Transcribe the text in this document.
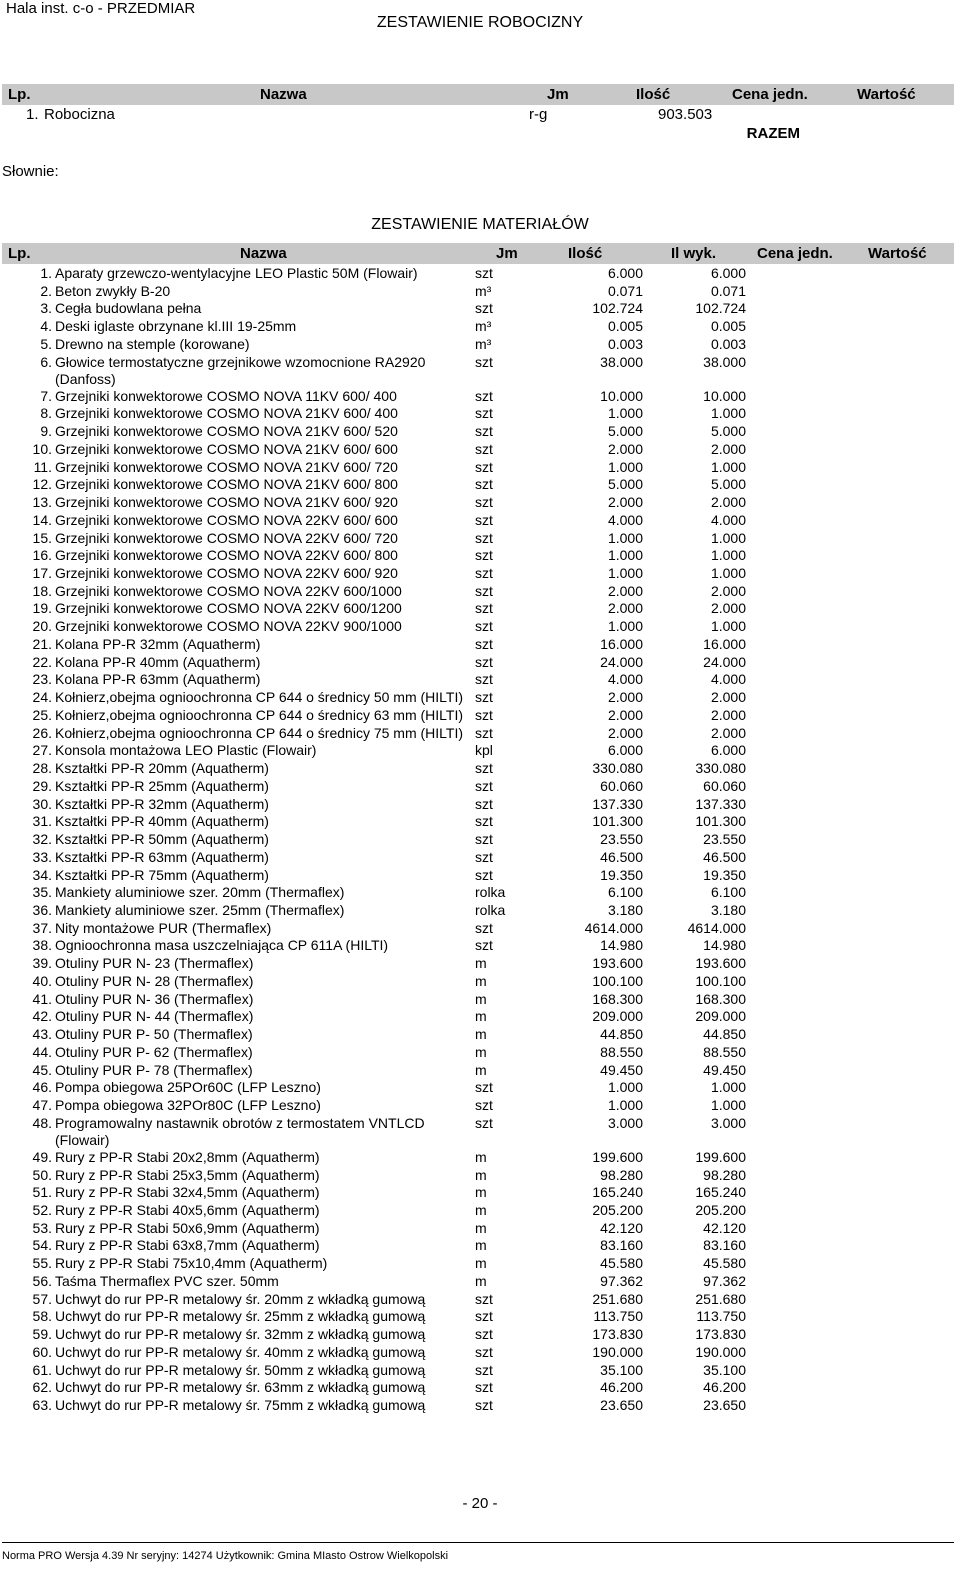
Hala inst. c-o - PRZEDMIAR
ZESTAWIENIE ROBOCIZNY
Lp.	Nazwa	Jm	Ilość	Cena jedn.	Wartość
1. Robocizna	r-g	903.503
RAZEM
Słownie:
ZESTAWIENIE MATERIAŁÓW
Lp.	Nazwa	Jm	Ilość	Il wyk.	Cena jedn. Wartość
1.	Aparaty grzewczo-wentylacyjne LEO Plastic 50M (Flowair)	szt	6.000	6.000		
2.	Beton zwykły B-20	m³	0.071	0.071		
3.	Cegła budowlana pełna	szt	102.724	102.724		
4.	Deski iglaste obrzynane kl.III 19-25mm	m³	0.005	0.005		
5.	Drewno na stemple (korowane)	m³	0.003	0.003		
6.	Głowice termostatyczne grzejnikowe wzomocnione RA2920 (Danfoss)	szt	38.000	38.000		
7.	Grzejniki konwektorowe COSMO NOVA 11KV 600/ 400	szt	10.000	10.000		
8.	Grzejniki konwektorowe COSMO NOVA 21KV 600/ 400	szt	1.000	1.000		
9.	Grzejniki konwektorowe COSMO NOVA 21KV 600/ 520	szt	5.000	5.000		
10.	Grzejniki konwektorowe COSMO NOVA 21KV 600/ 600	szt	2.000	2.000		
11.	Grzejniki konwektorowe COSMO NOVA 21KV 600/ 720	szt	1.000	1.000		
12.	Grzejniki konwektorowe COSMO NOVA 21KV 600/ 800	szt	5.000	5.000		
13.	Grzejniki konwektorowe COSMO NOVA 21KV 600/ 920	szt	2.000	2.000		
14.	Grzejniki konwektorowe COSMO NOVA 22KV 600/ 600	szt	4.000	4.000		
15.	Grzejniki konwektorowe COSMO NOVA 22KV 600/ 720	szt	1.000	1.000		
16.	Grzejniki konwektorowe COSMO NOVA 22KV 600/ 800	szt	1.000	1.000		
17.	Grzejniki konwektorowe COSMO NOVA 22KV 600/ 920	szt	1.000	1.000		
18.	Grzejniki konwektorowe COSMO NOVA 22KV 600/1000	szt	2.000	2.000		
19.	Grzejniki konwektorowe COSMO NOVA 22KV 600/1200	szt	2.000	2.000		
20.	Grzejniki konwektorowe COSMO NOVA 22KV 900/1000	szt	1.000	1.000		
21.	Kolana PP-R 32mm (Aquatherm)	szt	16.000	16.000		
22.	Kolana PP-R 40mm (Aquatherm)	szt	24.000	24.000		
23.	Kolana PP-R 63mm (Aquatherm)	szt	4.000	4.000		
24.	Kołnierz,obejma ognioochronna CP 644 o średnicy 50 mm (HILTI)	szt	2.000	2.000		
25.	Kołnierz,obejma ognioochronna CP 644 o średnicy 63 mm (HILTI)	szt	2.000	2.000		
26.	Kołnierz,obejma ognioochronna CP 644 o średnicy 75 mm (HILTI)	szt	2.000	2.000		
27.	Konsola montażowa LEO Plastic (Flowair)	kpl	6.000	6.000		
28.	Kształtki PP-R 20mm (Aquatherm)	szt	330.080	330.080		
29.	Kształtki PP-R 25mm (Aquatherm)	szt	60.060	60.060		
30.	Kształtki PP-R 32mm (Aquatherm)	szt	137.330	137.330		
31.	Kształtki PP-R 40mm (Aquatherm)	szt	101.300	101.300		
32.	Kształtki PP-R 50mm (Aquatherm)	szt	23.550	23.550		
33.	Kształtki PP-R 63mm (Aquatherm)	szt	46.500	46.500		
34.	Kształtki PP-R 75mm (Aquatherm)	szt	19.350	19.350		
35.	Mankiety aluminiowe szer. 20mm (Thermaflex)	rolka	6.100	6.100		
36.	Mankiety aluminiowe szer. 25mm (Thermaflex)	rolka	3.180	3.180		
37.	Nity montażowe PUR (Thermaflex)	szt	4614.000	4614.000		
38.	Ognioochronna masa uszczelniająca CP 611A (HILTI)	szt	14.980	14.980		
39.	Otuliny PUR N- 23 (Thermaflex)	m	193.600	193.600		
40.	Otuliny PUR N- 28 (Thermaflex)	m	100.100	100.100		
41.	Otuliny PUR N- 36 (Thermaflex)	m	168.300	168.300		
42.	Otuliny PUR N- 44 (Thermaflex)	m	209.000	209.000		
43.	Otuliny PUR P- 50 (Thermaflex)	m	44.850	44.850		
44.	Otuliny PUR P- 62 (Thermaflex)	m	88.550	88.550		
45.	Otuliny PUR P- 78 (Thermaflex)	m	49.450	49.450		
46.	Pompa obiegowa 25POr60C (LFP Leszno)	szt	1.000	1.000		
47.	Pompa obiegowa 32POr80C (LFP Leszno)	szt	1.000	1.000		
48.	Programowalny nastawnik obrotów z termostatem VNTLCD (Flowair)	szt	3.000	3.000		
49.	Rury z PP-R Stabi 20x2,8mm (Aquatherm)	m	199.600	199.600		
50.	Rury z PP-R Stabi 25x3,5mm (Aquatherm)	m	98.280	98.280		
51.	Rury z PP-R Stabi 32x4,5mm (Aquatherm)	m	165.240	165.240		
52.	Rury z PP-R Stabi 40x5,6mm (Aquatherm)	m	205.200	205.200		
53.	Rury z PP-R Stabi 50x6,9mm (Aquatherm)	m	42.120	42.120		
54.	Rury z PP-R Stabi 63x8,7mm (Aquatherm)	m	83.160	83.160		
55.	Rury z PP-R Stabi 75x10,4mm (Aquatherm)	m	45.580	45.580		
56.	Taśma Thermaflex PVC szer. 50mm	m	97.362	97.362		
57.	Uchwyt do rur PP-R metalowy śr. 20mm z wkładką gumową	szt	251.680	251.680		
58.	Uchwyt do rur PP-R metalowy śr. 25mm z wkładką gumową	szt	113.750	113.750		
59.	Uchwyt do rur PP-R metalowy śr. 32mm z wkładką gumową	szt	173.830	173.830		
60.	Uchwyt do rur PP-R metalowy śr. 40mm z wkładką gumową	szt	190.000	190.000		
61.	Uchwyt do rur PP-R metalowy śr. 50mm z wkładką gumową	szt	35.100	35.100		
62.	Uchwyt do rur PP-R metalowy śr. 63mm z wkładką gumową	szt	46.200	46.200		
63.	Uchwyt do rur PP-R metalowy śr. 75mm z wkładką gumową	szt	23.650	23.650		
- 20 -
Norma PRO Wersja 4.39 Nr seryjny: 14274 Użytkownik: Gmina MIasto Ostrow Wielkopolski
